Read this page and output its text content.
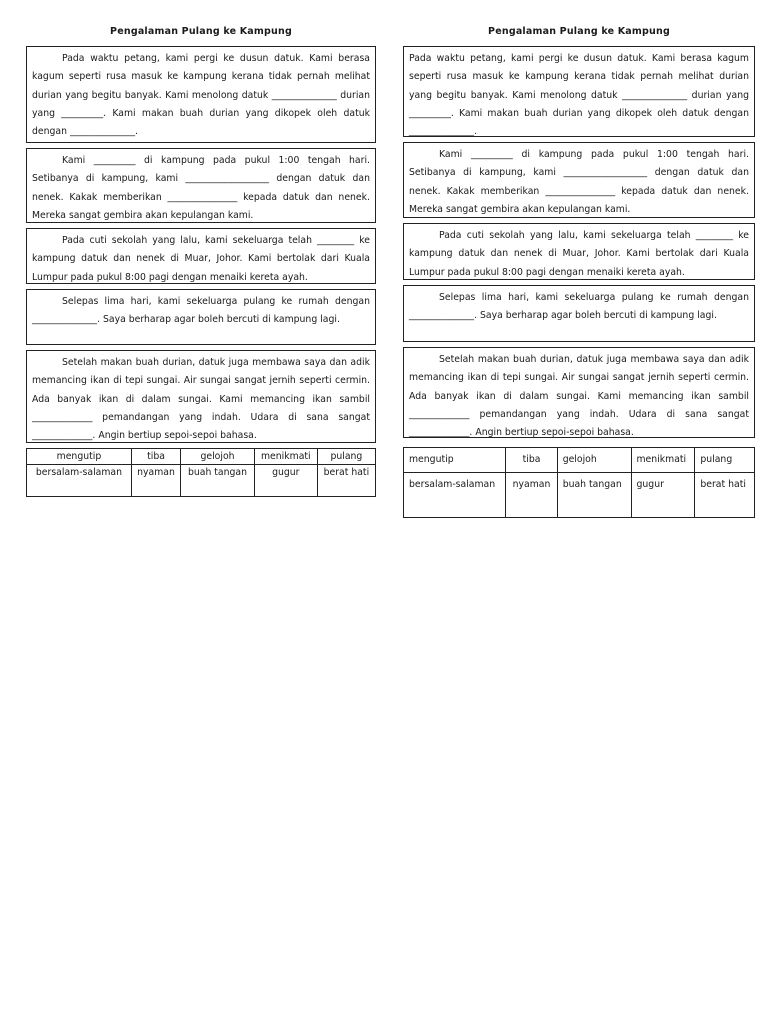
Pengalaman Pulang ke Kampung

Pada waktu petang, kami pergi ke dusun datuk. Kami berasa kagum seperti rusa masuk ke kampung kerana tidak pernah melihat durian yang begitu banyak. Kami menolong datuk ______________ durian yang _________. Kami makan buah durian yang dikopek oleh datuk dengan ______________.

Kami _________ di kampung pada pukul 1:00 tengah hari. Setibanya di kampung, kami __________________ dengan datuk dan nenek. Kakak memberikan _______________ kepada datuk dan nenek. Mereka sangat gembira akan kepulangan kami.

Pada cuti sekolah yang lalu, kami sekeluarga telah ________ ke kampung datuk dan nenek di Muar, Johor. Kami bertolak dari Kuala Lumpur pada pukul 8:00 pagi dengan menaiki kereta ayah.

Selepas lima hari, kami sekeluarga pulang ke rumah dengan ______________. Saya berharap agar boleh bercuti di kampung lagi.

Setelah makan buah durian, datuk juga membawa saya dan adik memancing ikan di tepi sungai. Air sungai sangat jernih seperti cermin. Ada banyak ikan di dalam sungai. Kami memancing ikan sambil _____________ pemandangan yang indah. Udara di sana sangat _____________. Angin bertiup sepoi-sepoi bahasa.

mengutip	tiba	gelojoh	menikmati	pulang
bersalam-salaman	nyaman	buah tangan	gugur	berat hati
Pengalaman Pulang ke Kampung

Pada waktu petang, kami pergi ke dusun datuk. Kami berasa kagum seperti rusa masuk ke kampung kerana tidak pernah melihat durian yang begitu banyak. Kami menolong datuk ______________ durian yang _________. Kami makan buah durian yang dikopek oleh datuk dengan ______________.

Kami _________ di kampung pada pukul 1:00 tengah hari. Setibanya di kampung, kami __________________ dengan datuk dan nenek. Kakak memberikan _______________ kepada datuk dan nenek. Mereka sangat gembira akan kepulangan kami.

Pada cuti sekolah yang lalu, kami sekeluarga telah ________ ke kampung datuk dan nenek di Muar, Johor. Kami bertolak dari Kuala Lumpur pada pukul 8:00 pagi dengan menaiki kereta ayah.

Selepas lima hari, kami sekeluarga pulang ke rumah dengan ______________. Saya berharap agar boleh bercuti di kampung lagi.

Setelah makan buah durian, datuk juga membawa saya dan adik memancing ikan di tepi sungai. Air sungai sangat jernih seperti cermin. Ada banyak ikan di dalam sungai. Kami memancing ikan sambil _____________ pemandangan yang indah. Udara di sana sangat _____________. Angin bertiup sepoi-sepoi bahasa.

mengutip	tiba	gelojoh	menikmati	pulang
bersalam-salaman	nyaman	buah tangan	gugur	berat hati
